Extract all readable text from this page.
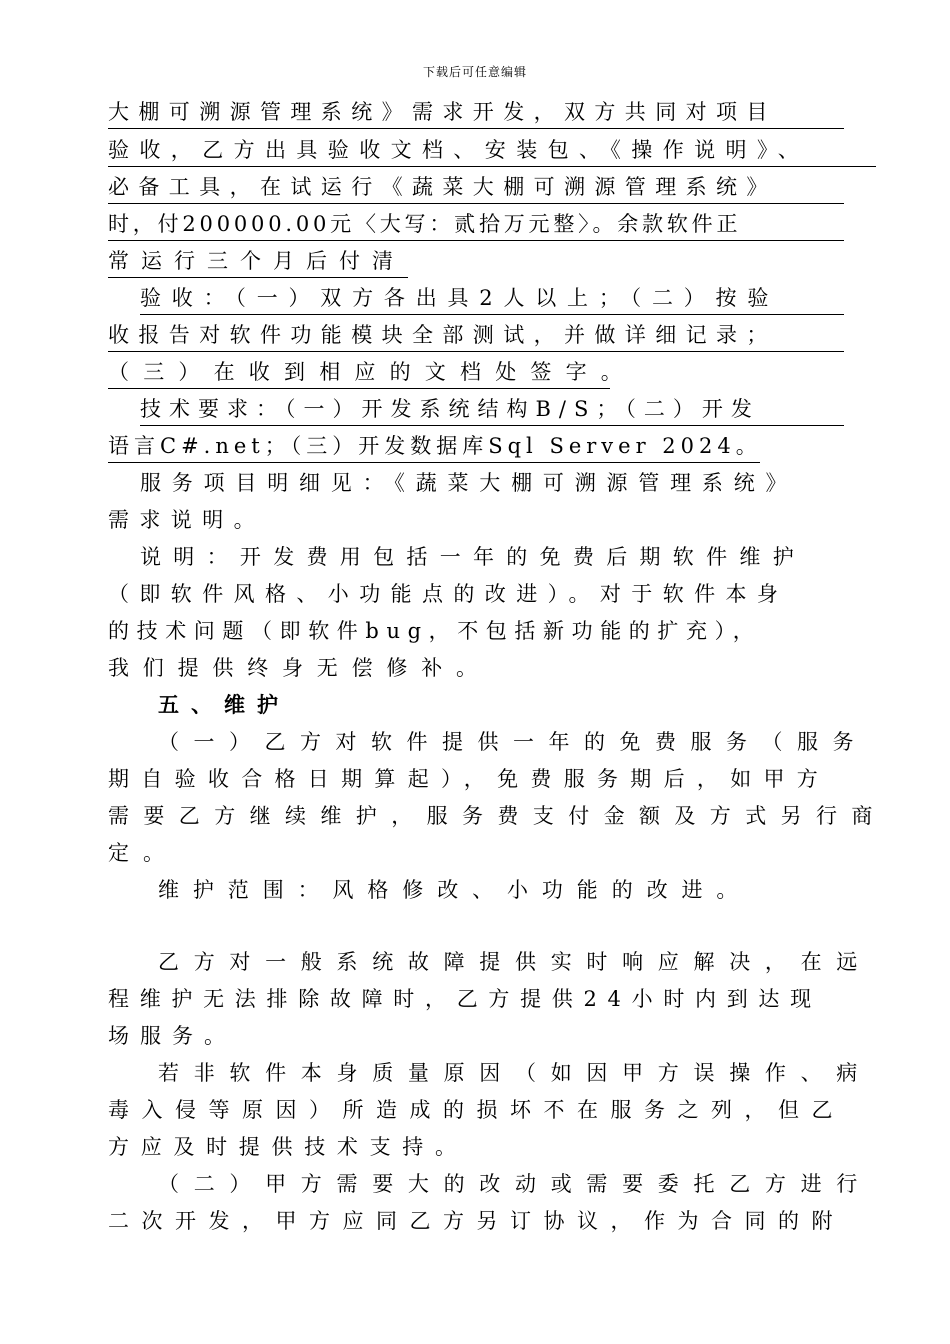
下载后可任意编辑
大棚可溯源管理系统》需求开发，双方共同对项目
验收，乙方出具验收文档、安装包、《操作说明》、
必备工具，在试运行《蔬菜大棚可溯源管理系统》
时，付200000.00元〈大写：贰拾万元整〉。余款软件正
常运行三个月后付清
验收：（一）双方各出具2人以上；（二）按验
收报告对软件功能模块全部测试，并做详细记录；
（三）在收到相应的文档处签字。
技术要求：（一）开发系统结构B/S；（二）开发
语言C#.net；（三）开发数据库Sql Server 2024。
服务项目明细见：《蔬菜大棚可溯源管理系统》
需求说明。
说明：开发费用包括一年的免费后期软件维护
（即软件风格、小功能点的改进）。对于软件本身
的技术问题（即软件bug，不包括新功能的扩充），
我们提供终身无偿修补。
五、维护
（一）乙方对软件提供一年的免费服务（服务
期自验收合格日期算起），免费服务期后，如甲方
需要乙方继续维护，服务费支付金额及方式另行商
定。
维护范围：风格修改、小功能的改进。
乙方对一般系统故障提供实时响应解决，在远
程维护无法排除故障时，乙方提供24小时内到达现
场服务。
若非软件本身质量原因（如因甲方误操作、病
毒入侵等原因）所造成的损坏不在服务之列，但乙
方应及时提供技术支持。
（二）甲方需要大的改动或需要委托乙方进行
二次开发，甲方应同乙方另订协议，作为合同的附
